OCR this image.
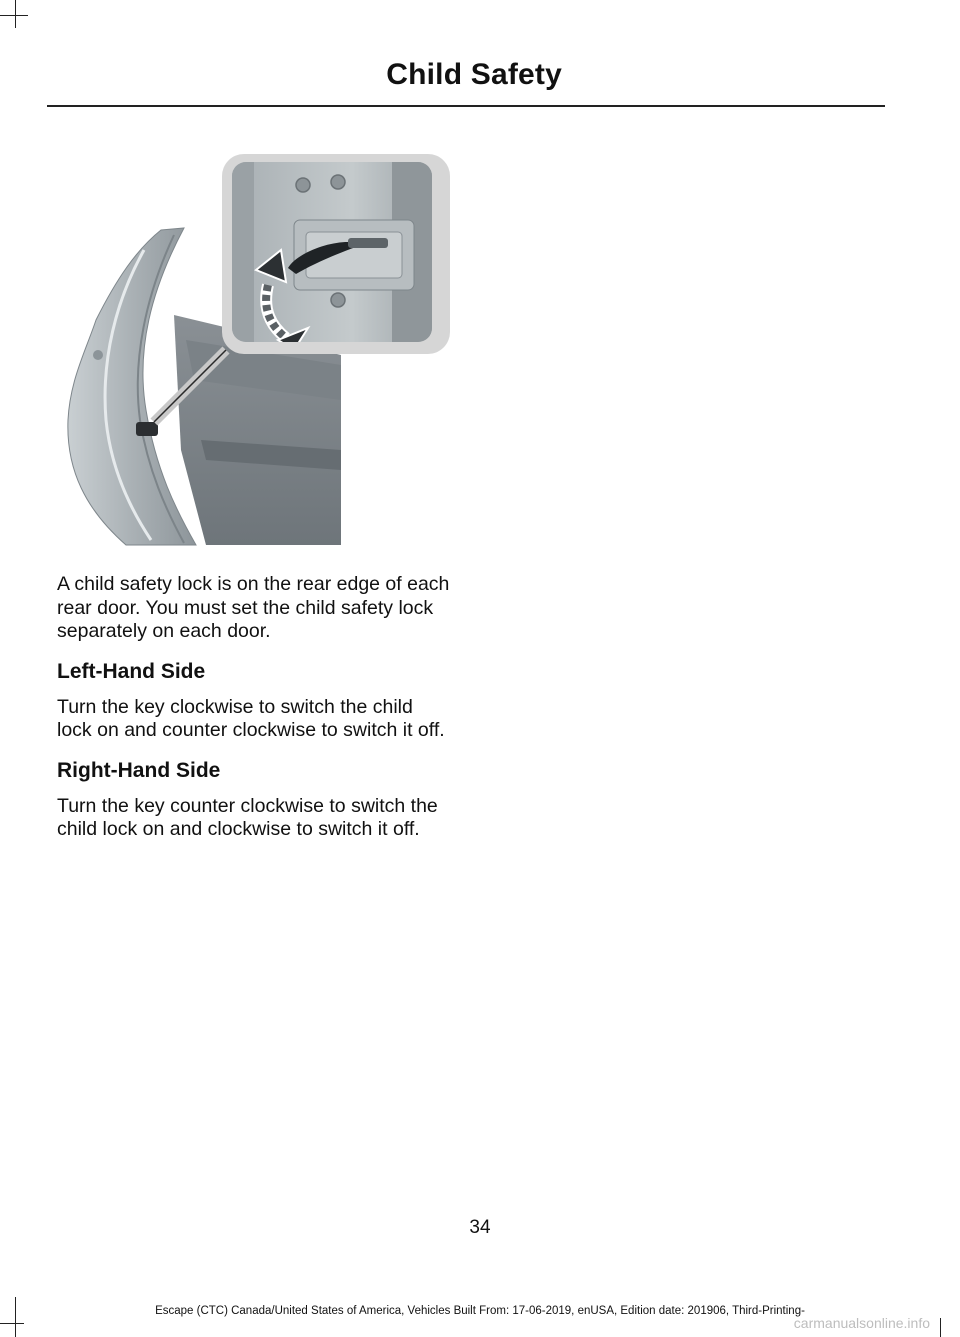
Child Safety

A child safety lock is on the rear edge of each rear door. You must set the child safety lock separately on each door.

Left-Hand Side

Turn the key clockwise to switch the child lock on and counter clockwise to switch it off.

Right-Hand Side

Turn the key counter clockwise to switch the child lock on and clockwise to switch it off.

34
Escape (CTC) Canada/United States of America, Vehicles Built From: 17-06-2019, enUSA, Edition date: 201906, Third-Printing-
carmanualsonline.info
